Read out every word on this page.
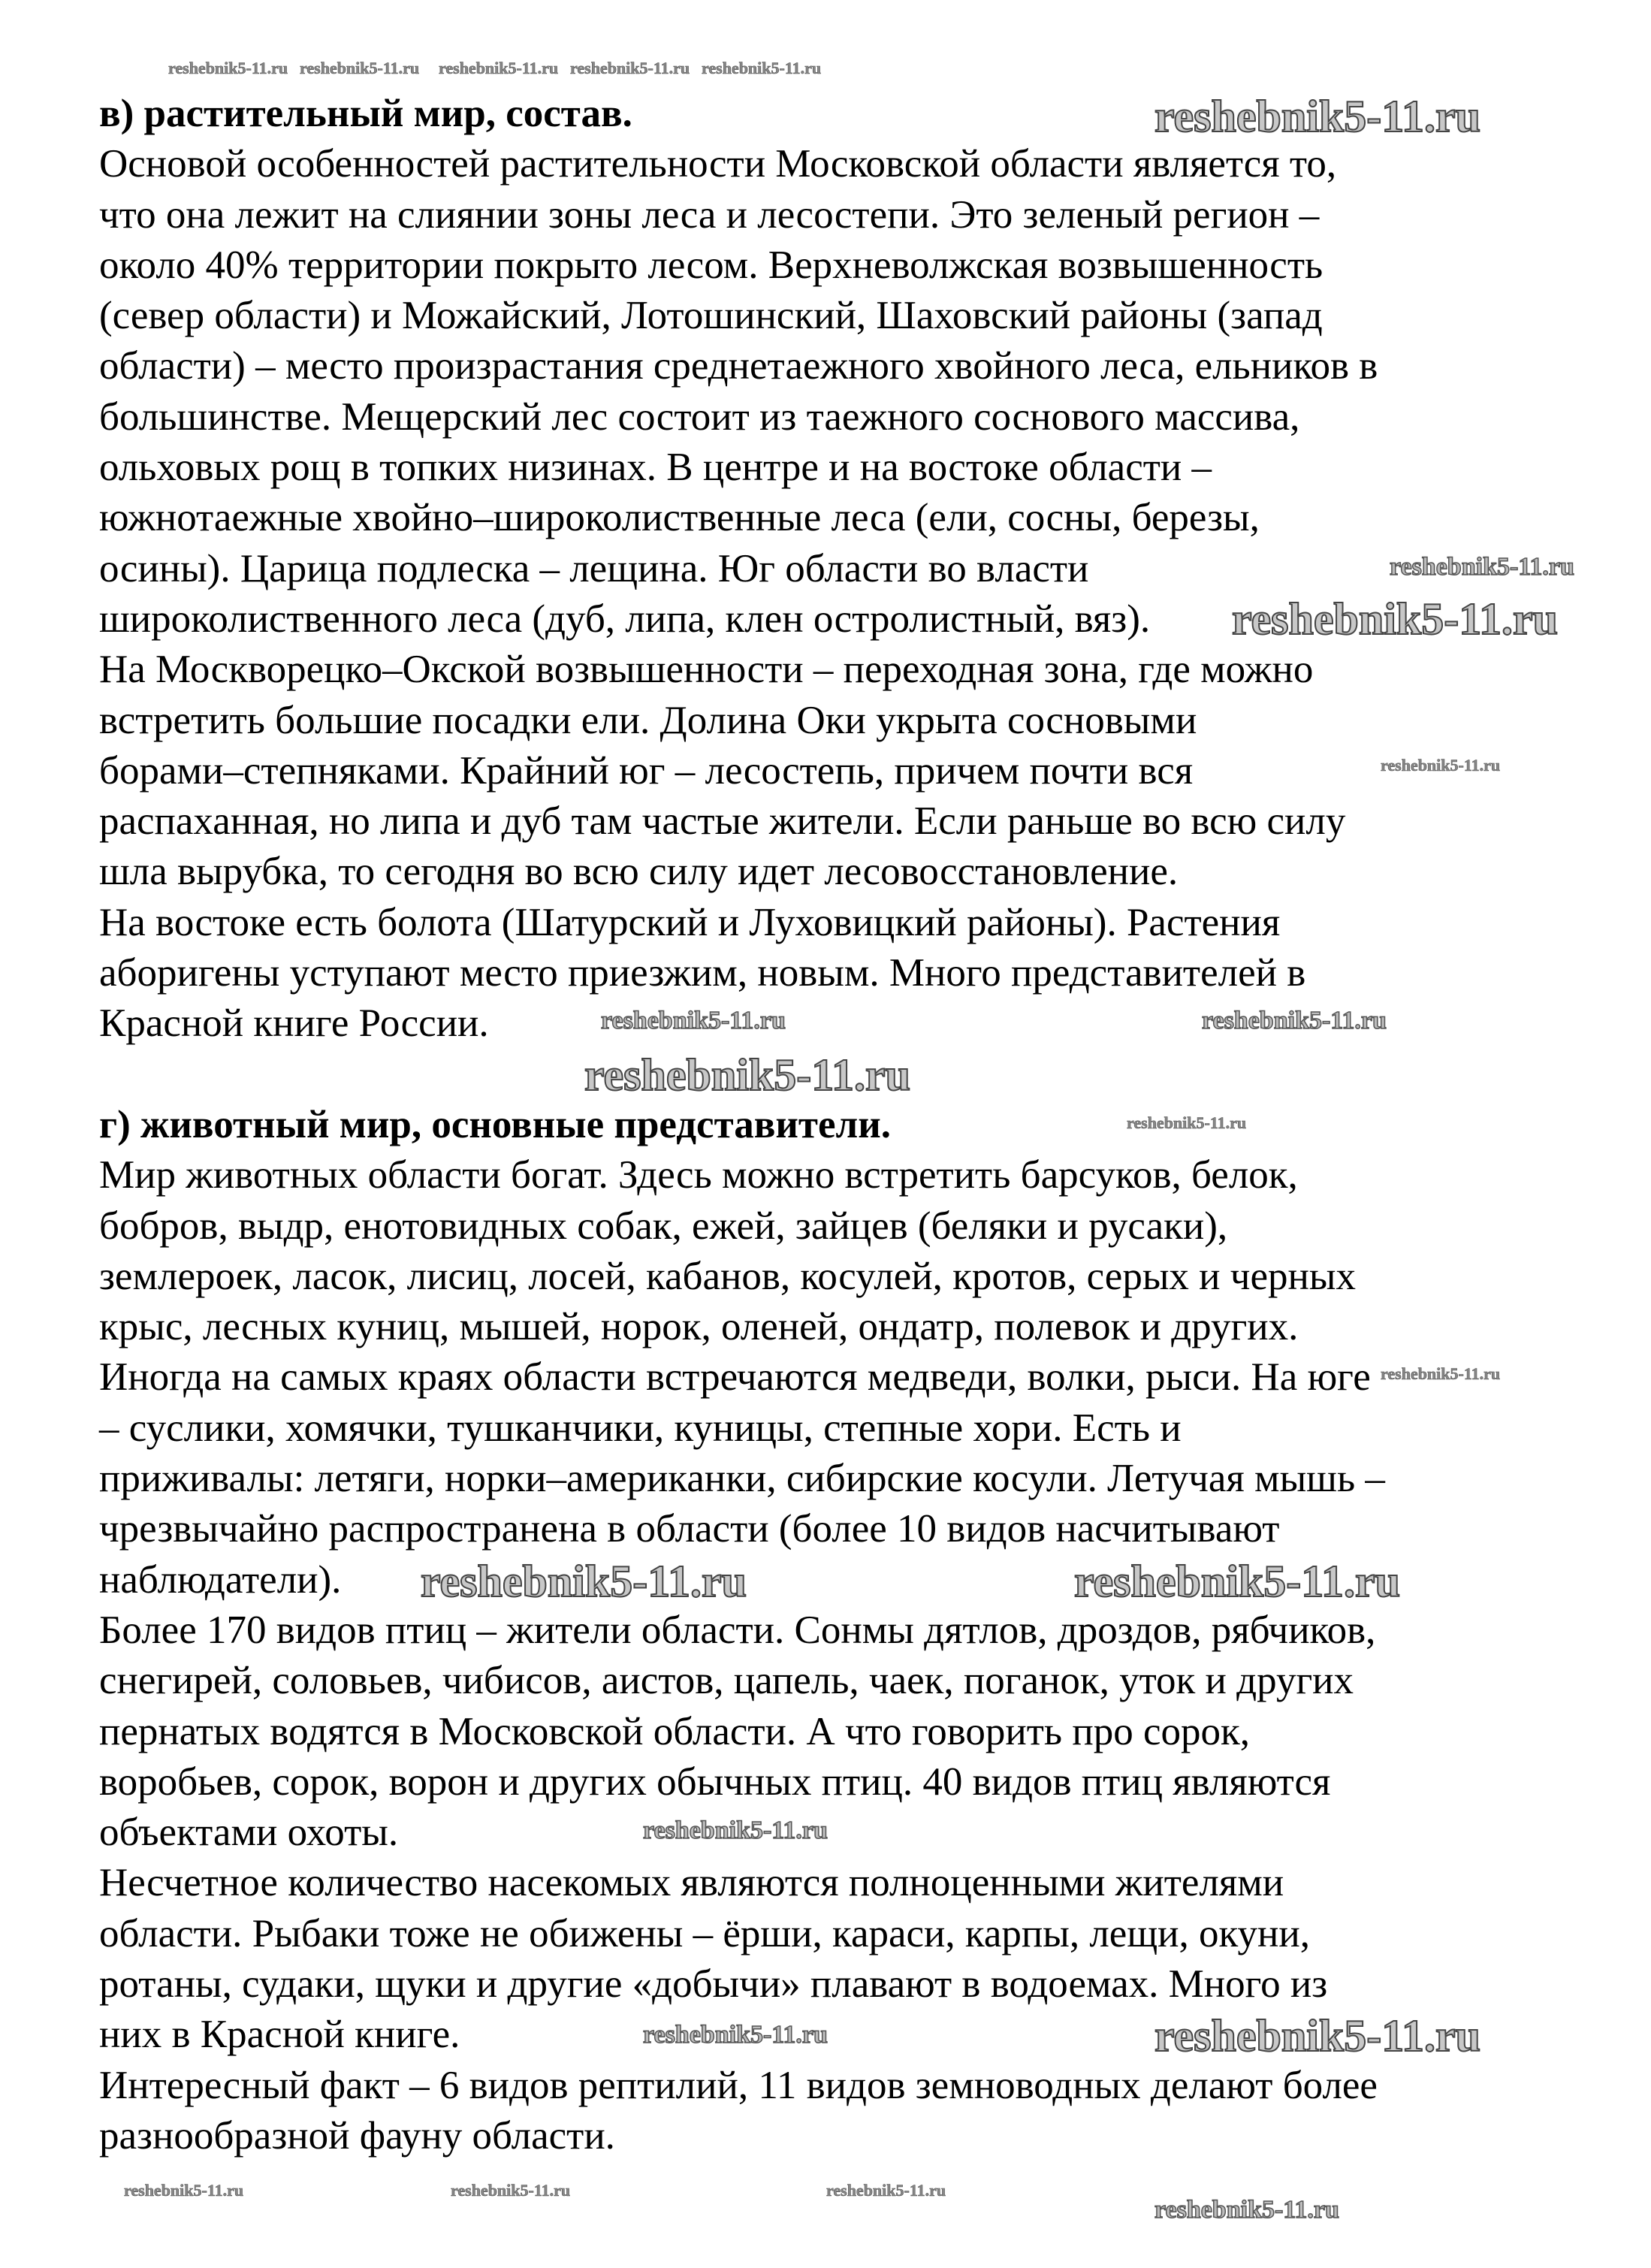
в) растительный мир, состав.
Основой особенностей растительности Московской области является то,
что она лежит на слиянии зоны леса и лесостепи. Это зеленый регион –
около 40% территории покрыто лесом. Верхневолжская возвышенность
(север области) и Можайский, Лотошинский, Шаховский районы (запад
области) – место произрастания среднетаежного хвойного леса, ельников в
большинстве. Мещерский лес состоит из таежного соснового массива,
ольховых рощ в топких низинах. В центре и на востоке области –
южнотаежные хвойно–широколиственные леса (ели, сосны, березы,
осины). Царица подлеска – лещина. Юг области во власти
широколиственного леса (дуб, липа, клен остролистный, вяз).
На Москворецко–Окской возвышенности – переходная зона, где можно
встретить большие посадки ели. Долина Оки укрыта сосновыми
борами–степняками. Крайний юг – лесостепь, причем почти вся
распаханная, но липа и дуб там частые жители. Если раньше во всю силу
шла вырубка, то сегодня во всю силу идет лесовосстановление.
На востоке есть болота (Шатурский и Луховицкий районы). Растения
аборигены уступают место приезжим, новым. Много представителей в
Красной книге России.
г) животный мир, основные представители.
Мир животных области богат. Здесь можно встретить барсуков, белок,
бобров, выдр, енотовидных собак, ежей, зайцев (беляки и русаки),
землероек, ласок, лисиц, лосей, кабанов, косулей, кротов, серых и черных
крыс, лесных куниц, мышей, норок, оленей, ондатр, полевок и других.
Иногда на самых краях области встречаются медведи, волки, рыси. На юге
– суслики, хомячки, тушканчики, куницы, степные хори. Есть и
приживалы: летяги, норки–американки, сибирские косули. Летучая мышь –
чрезвычайно распространена в области (более 10 видов насчитывают
наблюдатели).
Более 170 видов птиц – жители области. Сонмы дятлов, дроздов, рябчиков,
снегирей, соловьев, чибисов, аистов, цапель, чаек, поганок, уток и других
пернатых водятся в Московской области. А что говорить про сорок,
воробьев, сорок, ворон и других обычных птиц. 40 видов птиц являются
объектами охоты.
Несчетное количество насекомых являются полноценными жителями
области. Рыбаки тоже не обижены – ёрши, караси, карпы, лещи, окуни,
ротаны, судаки, щуки и другие «добычи» плавают в водоемах. Много из
них в Красной книге.
Интересный факт – 6 видов рептилий, 11 видов земноводных делают более
разнообразной фауну области.
reshebnik5-11.ru
reshebnik5-11.ru reshebnik5-11.ru reshebnik5-11.ru reshebnik5-11.ru reshebnik5-11.ru
reshebnik5-11.ru
reshebnik5-11.ru
reshebnik5-11.ru
reshebnik5-11.ru	reshebnik5-11.ru
reshebnik5-11.ru
reshebnik5-11.ru
reshebnik5-11.ru
reshebnik5-11.ru	reshebnik5-11.ru
reshebnik5-11.ru
reshebnik5-11.ru
reshebnik5-11.ru
reshebnik5-11.ru	reshebnik5-11.ru	reshebnik5-11.ru
reshebnik5-11.ru
